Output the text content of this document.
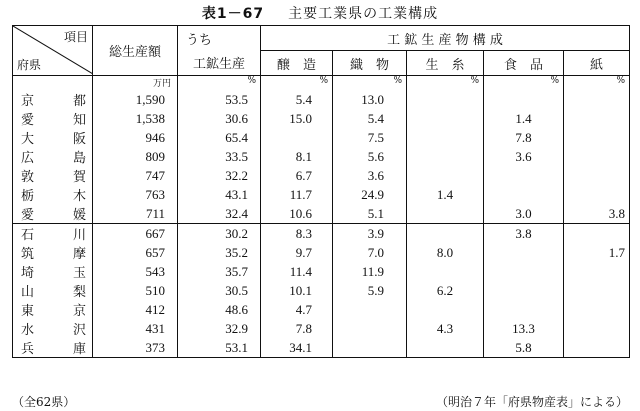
表1－67 主要工業県の工業構成
項目
府県	総生産額	うち	工 鉱 生 産 物 構 成				
		工鉱生産	醸　造	織　物	生　糸	食　品	紙
	万円	%	%	%	%	%	%
京都	1,590	53.5	5.4	13.0			
愛知	1,538	30.6	15.0	5.4		1.4	
大阪	946	65.4		7.5		7.8	
広島	809	33.5	8.1	5.6		3.6	
敦賀	747	32.2	6.7	3.6			
栃木	763	43.1	11.7	24.9	1.4		
愛媛	711	32.4	10.6	5.1		3.0	3.8
石川	667	30.2	8.3	3.9		3.8	
筑摩	657	35.2	9.7	7.0	8.0		1.7
埼玉	543	35.7	11.4	11.9			
山梨	510	30.5	10.1	5.9	6.2		
東京	412	48.6	4.7				
水沢	431	32.9	7.8		4.3	13.3	
兵庫	373	53.1	34.1			5.8	
（全62県）	（明治７年「府県物産表」による）
